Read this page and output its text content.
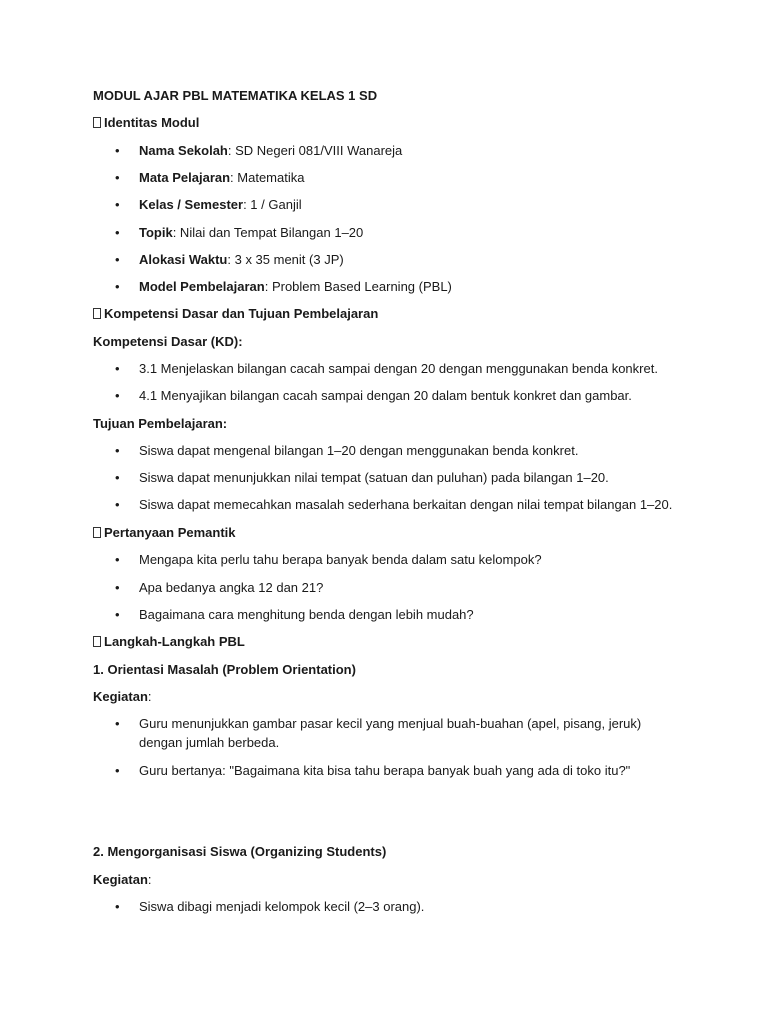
MODUL AJAR PBL MATEMATIKA KELAS 1 SD
Identitas Modul
• Nama Sekolah: SD Negeri 081/VIII Wanareja
• Mata Pelajaran: Matematika
• Kelas / Semester: 1 / Ganjil
• Topik: Nilai dan Tempat Bilangan 1–20
• Alokasi Waktu: 3 x 35 menit (3 JP)
• Model Pembelajaran: Problem Based Learning (PBL)
Kompetensi Dasar dan Tujuan Pembelajaran
Kompetensi Dasar (KD):
• 3.1 Menjelaskan bilangan cacah sampai dengan 20 dengan menggunakan benda konkret.
• 4.1 Menyajikan bilangan cacah sampai dengan 20 dalam bentuk konkret dan gambar.
Tujuan Pembelajaran:
• Siswa dapat mengenal bilangan 1–20 dengan menggunakan benda konkret.
• Siswa dapat menunjukkan nilai tempat (satuan dan puluhan) pada bilangan 1–20.
• Siswa dapat memecahkan masalah sederhana berkaitan dengan nilai tempat bilangan 1–20.
Pertanyaan Pemantik
• Mengapa kita perlu tahu berapa banyak benda dalam satu kelompok?
• Apa bedanya angka 12 dan 21?
• Bagaimana cara menghitung benda dengan lebih mudah?
Langkah-Langkah PBL
1. Orientasi Masalah (Problem Orientation)
Kegiatan:
• Guru menunjukkan gambar pasar kecil yang menjual buah-buahan (apel, pisang, jeruk)
dengan jumlah berbeda.
• Guru bertanya: "Bagaimana kita bisa tahu berapa banyak buah yang ada di toko itu?"
2. Mengorganisasi Siswa (Organizing Students)
Kegiatan:
• Siswa dibagi menjadi kelompok kecil (2–3 orang).
